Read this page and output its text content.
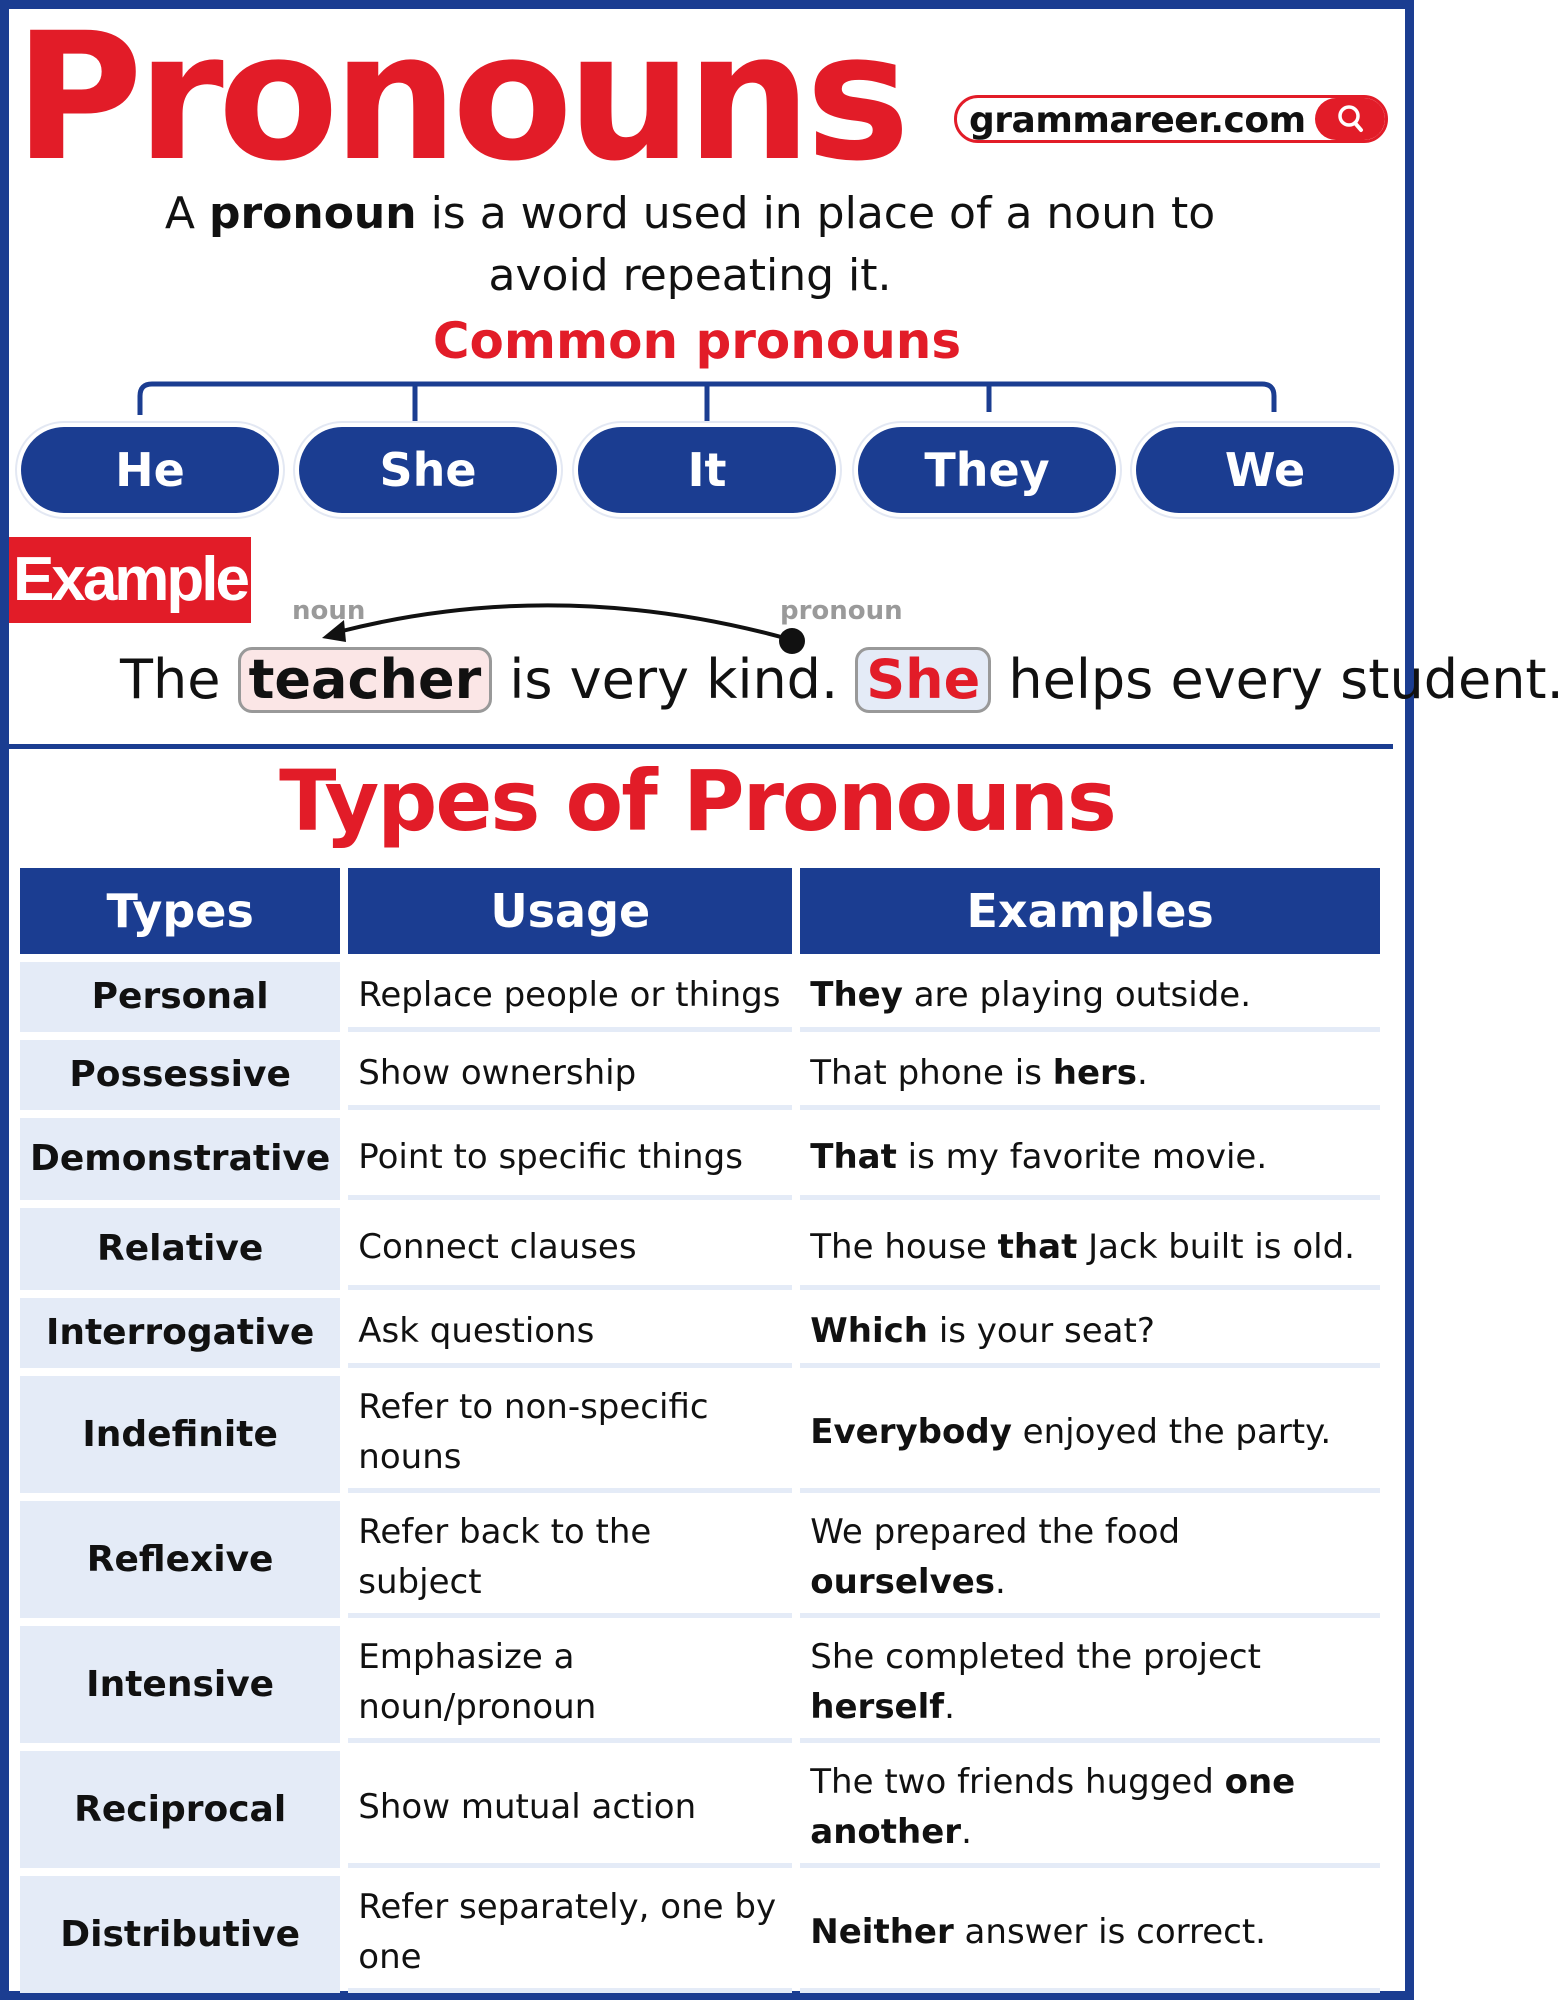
Pronouns grammareer.com
A pronoun is a word used in place of a noun to avoid repeating it.
Common pronouns
He	She	It	They	We
Example noun	pronoun
The teacher is very kind. She helps every student.
Types of Pronouns
Types	Usage	Examples
Personal	Replace people or things	They are playing outside.
Possessive	Show ownership	That phone is hers.
Demonstrative	Point to specific things	That is my favorite movie.
Relative	Connect clauses	The house that Jack built is old.
Interrogative	Ask questions	Which is your seat?
Indefinite	Refer to non-specific nouns	Everybody enjoyed the party.
Reflexive	Refer back to the subject	We prepared the food ourselves.
Intensive	Emphasize a noun/pronoun	She completed the project herself.
Reciprocal	Show mutual action	The two friends hugged one another.
Distributive	Refer separately, one by one	Neither answer is correct.
